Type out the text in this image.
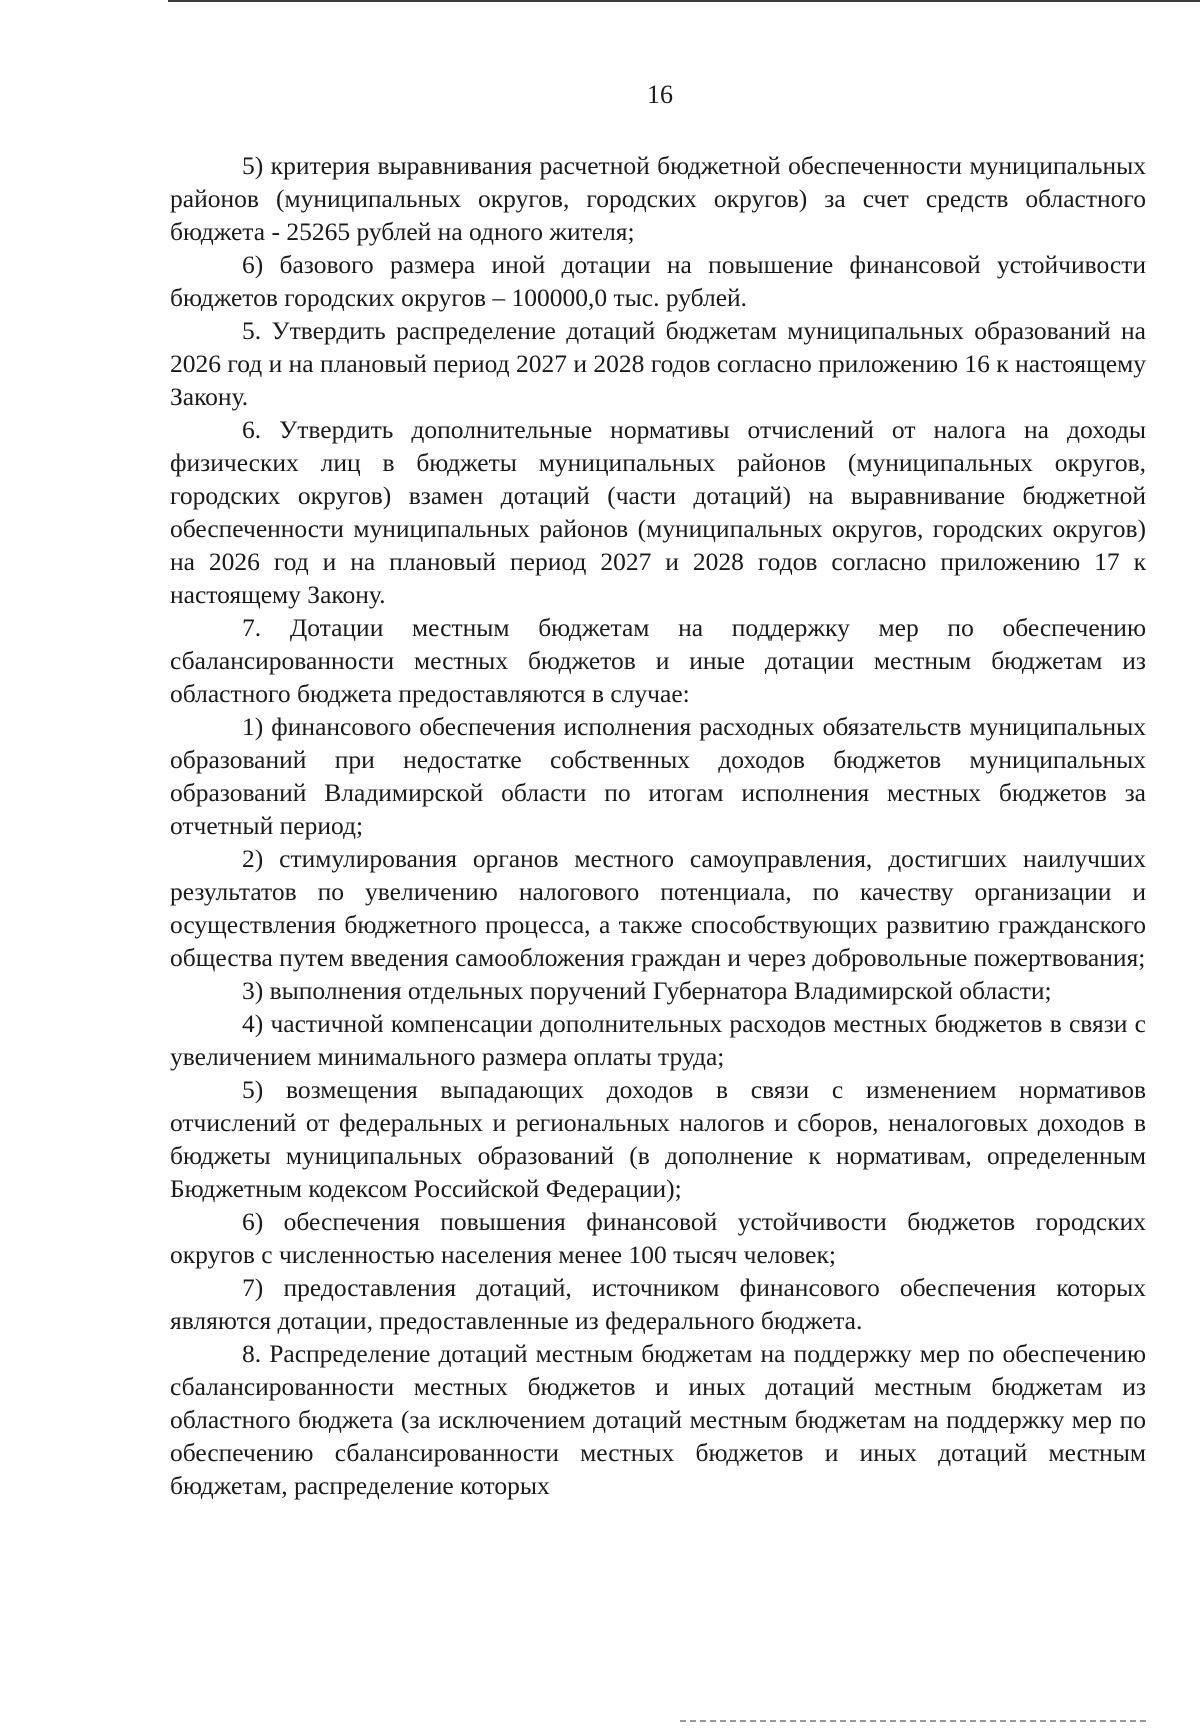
16

5) критерия выравнивания расчетной бюджетной обеспеченности муниципальных районов (муниципальных округов, городских округов) за счет средств областного бюджета - 25265 рублей на одного жителя;

6) базового размера иной дотации на повышение финансовой устойчивости бюджетов городских округов – 100000,0 тыс. рублей.

5. Утвердить распределение дотаций бюджетам муниципальных образований на 2026 год и на плановый период 2027 и 2028 годов согласно приложению 16 к настоящему Закону.

6. Утвердить дополнительные нормативы отчислений от налога на доходы физических лиц в бюджеты муниципальных районов (муниципальных округов, городских округов) взамен дотаций (части дотаций) на выравнивание бюджетной обеспеченности муниципальных районов (муниципальных округов, городских округов) на 2026 год и на плановый период 2027 и 2028 годов согласно приложению 17 к настоящему Закону.

7. Дотации местным бюджетам на поддержку мер по обеспечению сбалансированности местных бюджетов и иные дотации местным бюджетам из областного бюджета предоставляются в случае:

1) финансового обеспечения исполнения расходных обязательств муниципальных образований при недостатке собственных доходов бюджетов муниципальных образований Владимирской области по итогам исполнения местных бюджетов за отчетный период;

2) стимулирования органов местного самоуправления, достигших наилучших результатов по увеличению налогового потенциала, по качеству организации и осуществления бюджетного процесса, а также способствующих развитию гражданского общества путем введения самообложения граждан и через добровольные пожертвования;

3) выполнения отдельных поручений Губернатора Владимирской области;

4) частичной компенсации дополнительных расходов местных бюджетов в связи с увеличением минимального размера оплаты труда;

5) возмещения выпадающих доходов в связи с изменением нормативов отчислений от федеральных и региональных налогов и сборов, неналоговых доходов в бюджеты муниципальных образований (в дополнение к нормативам, определенным Бюджетным кодексом Российской Федерации);

6) обеспечения повышения финансовой устойчивости бюджетов городских округов с численностью населения менее 100 тысяч человек;

7) предоставления дотаций, источником финансового обеспечения которых являются дотации, предоставленные из федерального бюджета.

8. Распределение дотаций местным бюджетам на поддержку мер по обеспечению сбалансированности местных бюджетов и иных дотаций местным бюджетам из областного бюджета (за исключением дотаций местным бюджетам на поддержку мер по обеспечению сбалансированности местных бюджетов и иных дотаций местным бюджетам, распределение которых
